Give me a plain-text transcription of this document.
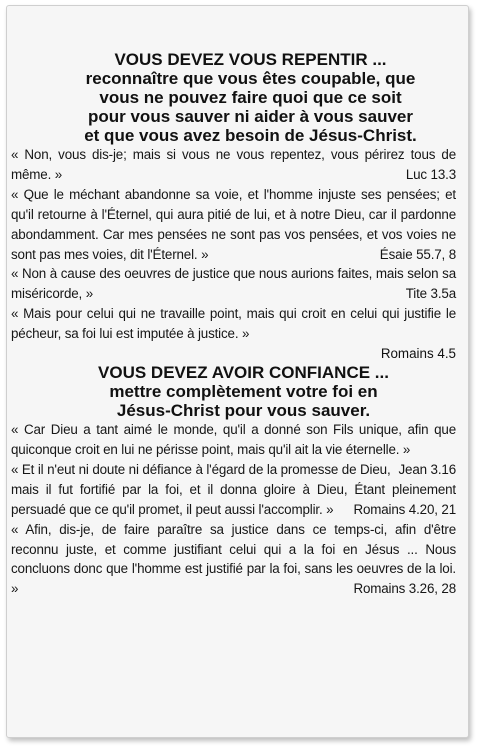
VOUS DEVEZ VOUS REPENTIR ...
reconnaître que vous êtes coupable, que
vous ne pouvez faire quoi que ce soit
pour vous sauver ni aider à vous sauver
et que vous avez besoin de Jésus-Christ.

« Non, vous dis-je; mais si vous ne vous repentez, vous périrez tous de même. »	Luc 13.3

« Que le méchant abandonne sa voie, et l'homme injuste ses pensées; et qu'il retourne à l'Éternel, qui aura pitié de lui, et à notre Dieu, car il pardonne abondamment. Car mes pensées ne sont pas vos pensées, et vos voies ne sont pas mes voies, dit l'Éternel. »	Ésaie 55.7, 8

« Non à cause des oeuvres de justice que nous aurions faites, mais selon sa miséricorde, »	Tite 3.5a

« Mais pour celui qui ne travaille point, mais qui croit en celui qui justifie le pécheur, sa foi lui est imputée à justice. »

Romains 4.5
VOUS DEVEZ AVOIR CONFIANCE ...
mettre complètement votre foi en
Jésus-Christ pour vous sauver.

« Car Dieu a tant aimé le monde, qu'il a donné son Fils unique, afin que quiconque croit en lui ne périsse point, mais qu'il ait la vie éternelle. »
Jean 3.16

« Et il n'eut ni doute ni défiance à l'égard de la promesse de Dieu, mais il fut fortifié par la foi, et il donna gloire à Dieu, Étant pleinement persuadé que ce qu'il promet, il peut aussi l'accomplir. » Romains 4.20, 21

« Afin, dis-je, de faire paraître sa justice dans ce temps-ci, afin d'être reconnu juste, et comme justifiant celui qui a la foi en Jésus ... Nous concluons donc que l'homme est justifié par la foi, sans les oeuvres de la loi. »	Romains 3.26, 28
